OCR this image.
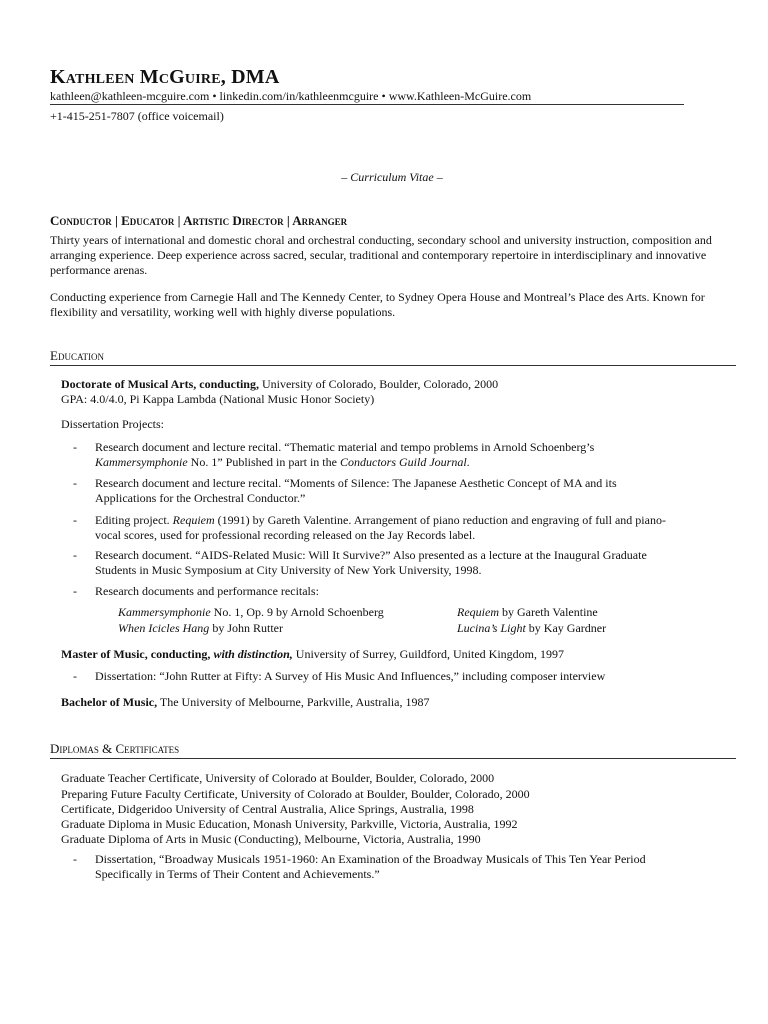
Kathleen McGuire, DMA
kathleen@kathleen-mcguire.com • linkedin.com/in/kathleenmcguire • www.Kathleen-McGuire.com
+1-415-251-7807 (office voicemail)
– Curriculum Vitae –
Conductor | Educator | Artistic Director | Arranger
Thirty years of international and domestic choral and orchestral conducting, secondary school and university instruction, composition and arranging experience. Deep experience across sacred, secular, traditional and contemporary repertoire in interdisciplinary and innovative performance arenas.
Conducting experience from Carnegie Hall and The Kennedy Center, to Sydney Opera House and Montreal’s Place des Arts. Known for flexibility and versatility, working well with highly diverse populations.
Education
Doctorate of Musical Arts, conducting, University of Colorado, Boulder, Colorado, 2000
GPA: 4.0/4.0, Pi Kappa Lambda (National Music Honor Society)
Dissertation Projects:
- Research document and lecture recital. “Thematic material and tempo problems in Arnold Schoenberg’s
Kammersymphonie No. 1” Published in part in the Conductors Guild Journal.
- Research document and lecture recital. “Moments of Silence: The Japanese Aesthetic Concept of MA and its
Applications for the Orchestral Conductor.”
- Editing project. Requiem (1991) by Gareth Valentine. Arrangement of piano reduction and engraving of full and piano-
vocal scores, used for professional recording released on the Jay Records label.
- Research document. “AIDS-Related Music: Will It Survive?” Also presented as a lecture at the Inaugural Graduate
Students in Music Symposium at City University of New York University, 1998.
- Research documents and performance recitals:
Kammersymphonie No. 1, Op. 9 by Arnold Schoenberg	Requiem by Gareth Valentine
When Icicles Hang by John Rutter	Lucina’s Light by Kay Gardner
Master of Music, conducting, with distinction, University of Surrey, Guildford, United Kingdom, 1997
- Dissertation: “John Rutter at Fifty: A Survey of His Music And Influences,” including composer interview
Bachelor of Music, The University of Melbourne, Parkville, Australia, 1987
Diplomas & Certificates
Graduate Teacher Certificate, University of Colorado at Boulder, Boulder, Colorado, 2000
Preparing Future Faculty Certificate, University of Colorado at Boulder, Boulder, Colorado, 2000
Certificate, Didgeridoo University of Central Australia, Alice Springs, Australia, 1998
Graduate Diploma in Music Education, Monash University, Parkville, Victoria, Australia, 1992
Graduate Diploma of Arts in Music (Conducting), Melbourne, Victoria, Australia, 1990
- Dissertation, “Broadway Musicals 1951-1960: An Examination of the Broadway Musicals of This Ten Year Period
Specifically in Terms of Their Content and Achievements.”
